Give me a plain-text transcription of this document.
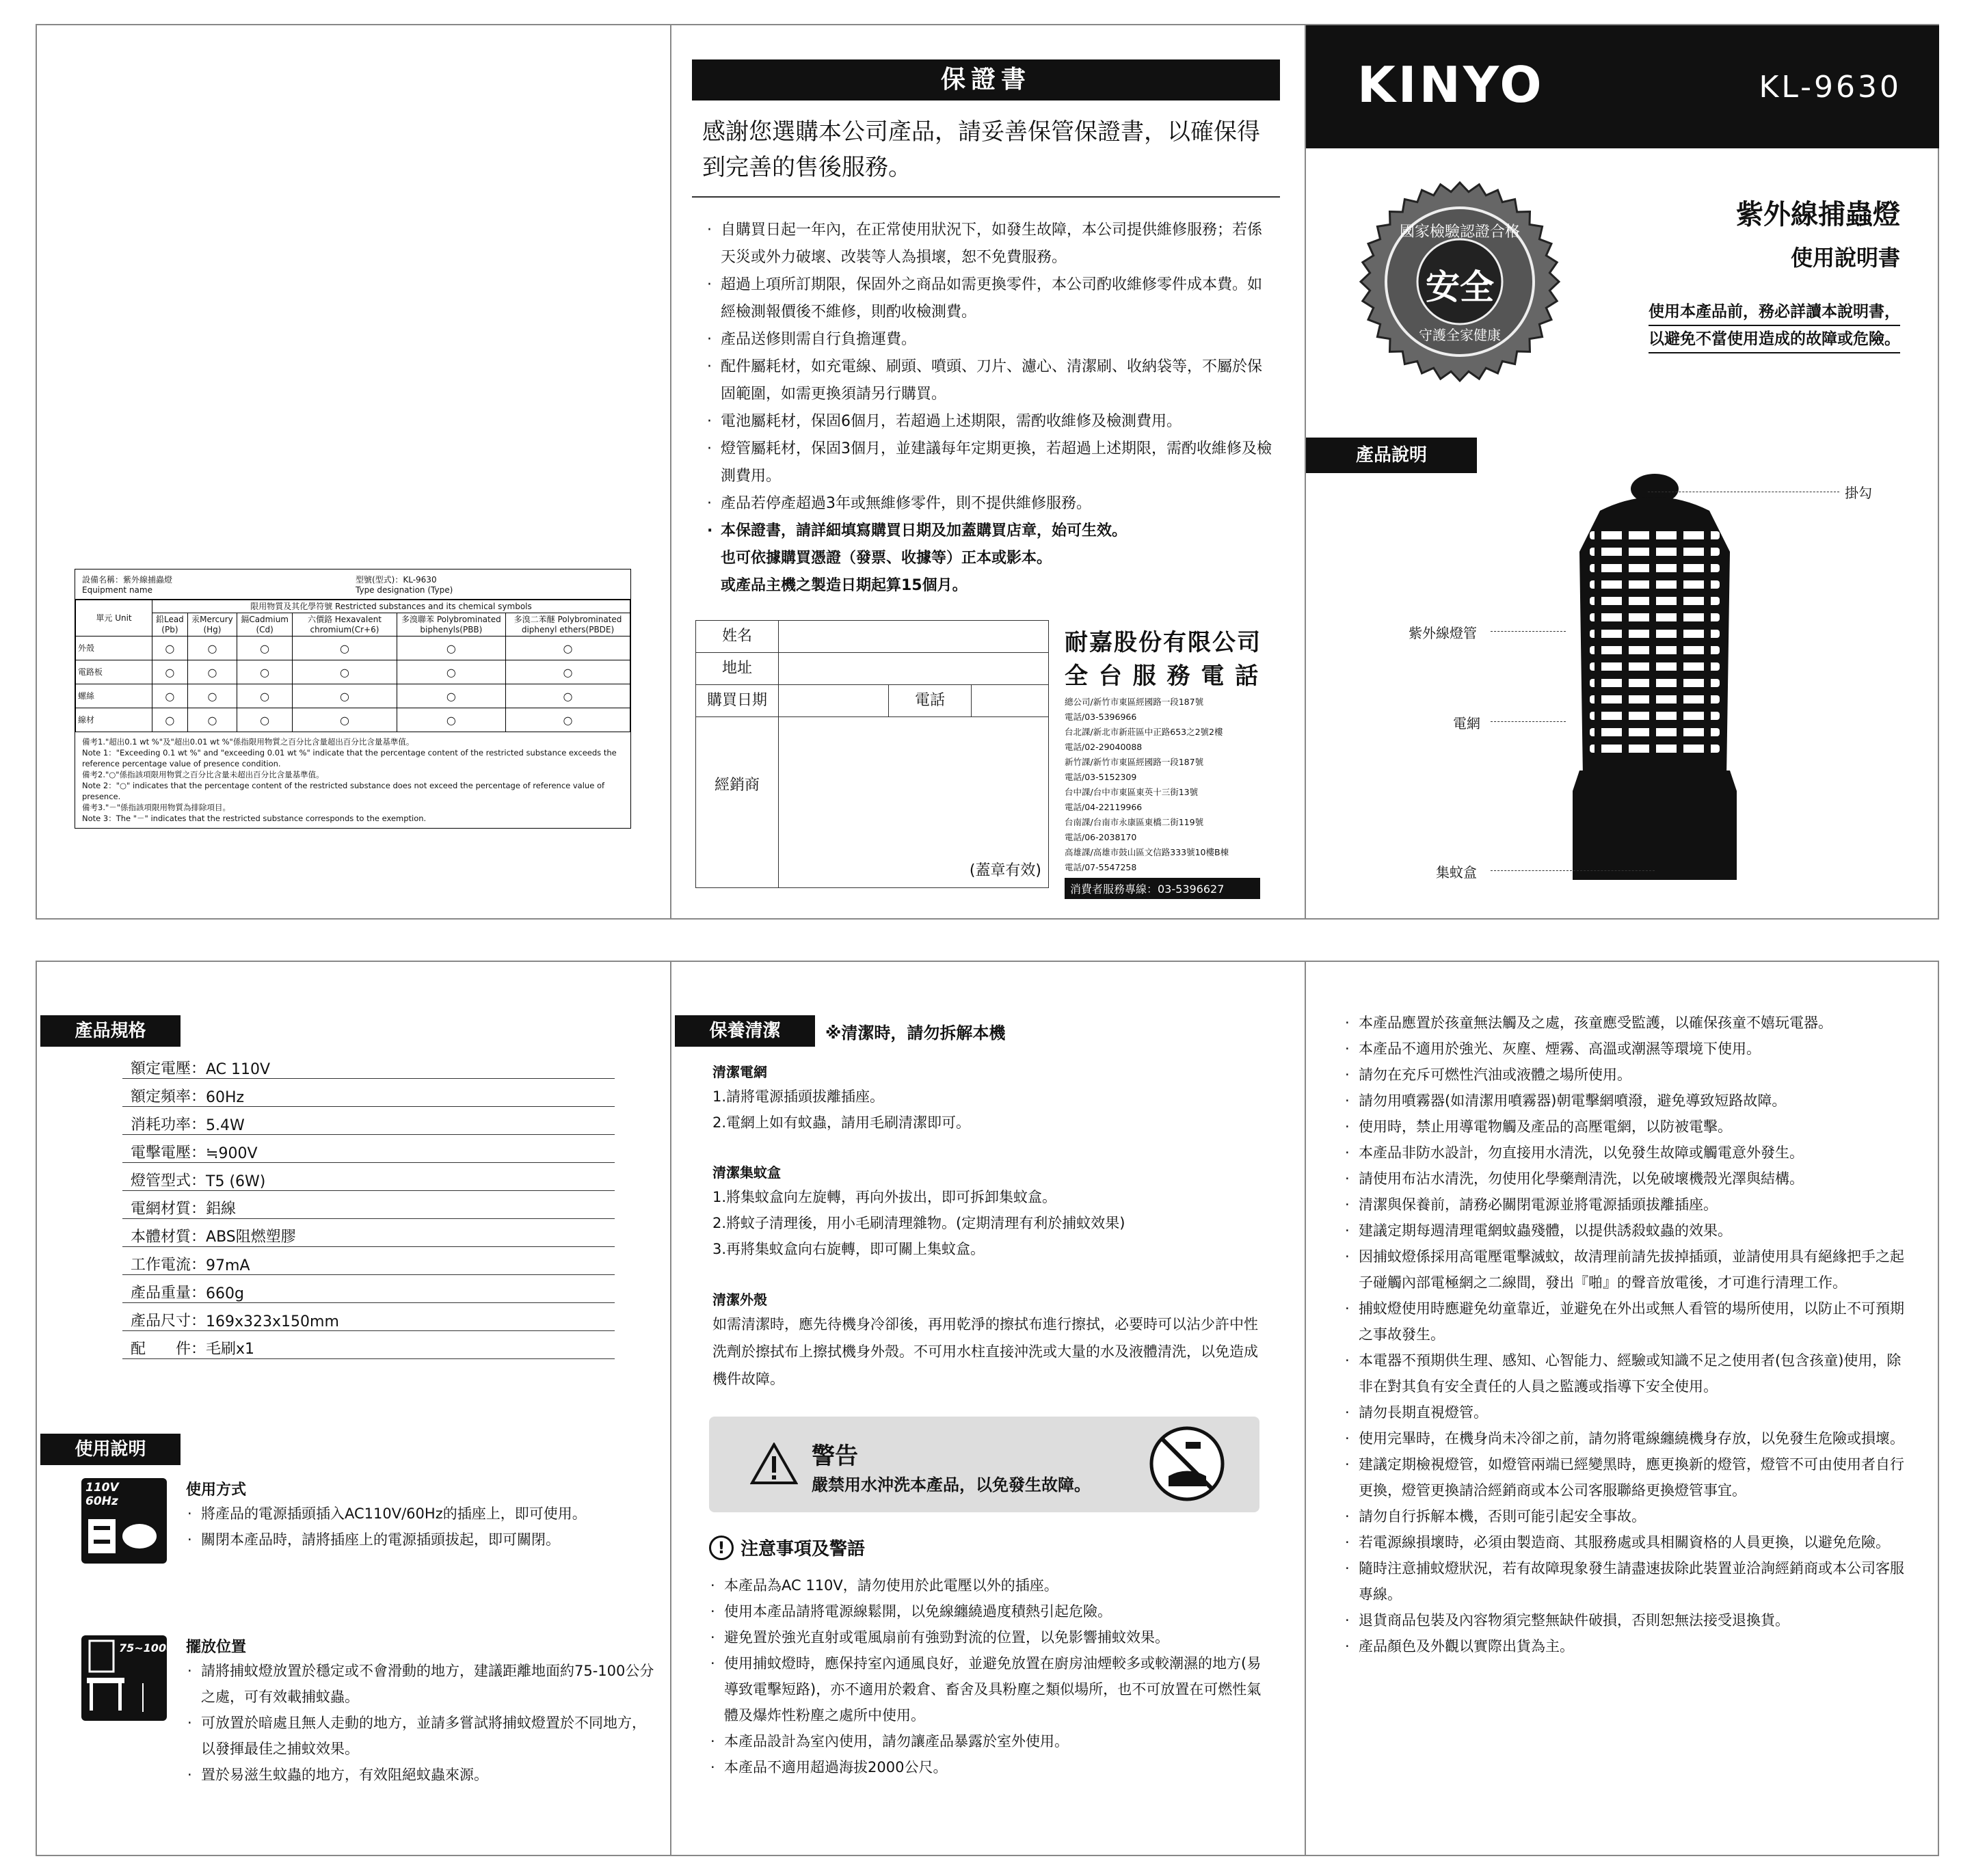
設備名稱：紫外線捕蟲燈
Equipment name
型號(型式)：KL-9630
Type designation (Type)
單元 Unit	限用物質及其化學符號 Restricted substances and its chemical symbols					
	鉛Lead (Pb)	汞Mercury (Hg)	鎘Cadmium (Cd)	六價鉻 Hexavalent chromium(Cr+6)	多溴聯苯 Polybrominated biphenyls(PBB)	多溴二苯醚 Polybrominated diphenyl ethers(PBDE)
外殼	○	○	○	○	○	○
電路板	○	○	○	○	○	○
螺絲	○	○	○	○	○	○
線材	○	○	○	○	○	○
備考1."超出0.1 wt %"及"超出0.01 wt %"係指限用物質之百分比含量超出百分比含量基準值。
Note 1："Exceeding 0.1 wt %" and "exceeding 0.01 wt %" indicate that the percentage content of the restricted substance exceeds the reference percentage value of presence condition.
備考2."○"係指該項限用物質之百分比含量未超出百分比含量基準值。
Note 2："○" indicates that the percentage content of the restricted substance does not exceed the percentage of reference value of presence.
備考3."－"係指該項限用物質為排除項目。
Note 3：The "－" indicates that the restricted substance corresponds to the exemption.
保證書
感謝您選購本公司產品，請妥善保管保證書，以確保得到完善的售後服務。
· 自購買日起一年內，在正常使用狀況下，如發生故障，本公司提供維修服務；若係天災或外力破壞、改裝等人為損壞，恕不免費服務。
· 超過上項所訂期限，保固外之商品如需更換零件，本公司酌收維修零件成本費。如經檢測報價後不維修，則酌收檢測費。
· 產品送修則需自行負擔運費。
· 配件屬耗材，如充電線、刷頭、噴頭、刀片、濾心、清潔刷、收納袋等，不屬於保固範圍，如需更換須請另行購買。
· 電池屬耗材，保固6個月，若超過上述期限，需酌收維修及檢測費用。
· 燈管屬耗材，保固3個月，並建議每年定期更換，若超過上述期限，需酌收維修及檢測費用。
· 產品若停產超過3年或無維修零件，則不提供維修服務。
· 本保證書，請詳細填寫購買日期及加蓋購買店章，始可生效。
也可依據購買憑證（發票、收據等）正本或影本。
或產品主機之製造日期起算15個月。
姓名
地址
購買日期	電話
經銷商
(蓋章有效)
耐嘉股份有限公司
全 台 服 務 電 話
總公司/新竹市東區經國路一段187號
電話/03-5396966
台北課/新北市新莊區中正路653之2號2樓
電話/02-29040088
新竹課/新竹市東區經國路一段187號
電話/03-5152309
台中課/台中市東區東英十三街13號
電話/04-22119966
台南課/台南市永康區東橋二街119號
電話/06-2038170
高雄課/高雄市鼓山區文信路333號10樓B棟
電話/07-5547258
消費者服務專線：03-5396627
KINYO	KL-9630
國家檢驗認證合格
安全
守護全家健康
紫外線捕蟲燈
使用說明書
使用本產品前，務必詳讀本說明書，
以避免不當使用造成的故障或危險。
產品說明
掛勾
紫外線燈管
電網
集蚊盒
產品規格
額定電壓 ： AC 110V
額定頻率 ： 60Hz
消耗功率 ： 5.4W
電擊電壓 ： ≒900V
燈管型式 ： T5 (6W)
電網材質 ： 鋁線
本體材質 ： ABS阻燃塑膠
工作電流 ： 97mA
產品重量 ： 660g
產品尺寸 ： 169x323x150mm
配　　件 ： 毛刷x1
使用說明
110V 60Hz
使用方式
· 將產品的電源插頭插入AC110V/60Hz的插座上，即可使用。
· 關閉本產品時，請將插座上的電源插頭拔起，即可關閉。
75~100cm 擺放位置
· 請將捕蚊燈放置於穩定或不會滑動的地方，建議距離地面約75-100公分之處，可有效載捕蚊蟲。
· 可放置於暗處且無人走動的地方，並請多嘗試將捕蚊燈置於不同地方，以發揮最佳之捕蚊效果。
· 置於易滋生蚊蟲的地方，有效阻絕蚊蟲來源。
保養清潔	※清潔時，請勿拆解本機
清潔電網
1.請將電源插頭拔離插座。
2.電網上如有蚊蟲，請用毛刷清潔即可。
清潔集蚊盒
1.將集蚊盒向左旋轉，再向外拔出，即可拆卸集蚊盒。
2.將蚊子清理後，用小毛刷清理雜物。(定期清理有利於捕蚊效果)
3.再將集蚊盒向右旋轉，即可關上集蚊盒。
清潔外殼
如需清潔時，應先待機身冷卻後，再用乾淨的擦拭布進行擦拭，必要時可以沾少許中性洗劑於擦拭布上擦拭機身外殼。不可用水柱直接沖洗或大量的水及液體清洗，以免造成機件故障。
警告
嚴禁用水沖洗本產品，以免發生故障。
! 注意事項及警語
· 本產品為AC 110V，請勿使用於此電壓以外的插座。
· 使用本產品請將電源線鬆開，以免線纏繞過度積熱引起危險。
· 避免置於強光直射或電風扇前有強勁對流的位置，以免影響捕蚊效果。
· 使用捕蚊燈時，應保持室內通風良好，並避免放置在廚房油煙較多或較潮濕的地方(易導致電擊短路)，亦不適用於穀倉、畜舍及具粉塵之類似場所，也不可放置在可燃性氣體及爆炸性粉塵之處所中使用。
· 本產品設計為室內使用，請勿讓產品暴露於室外使用。
· 本產品不適用超過海拔2000公尺。
· 本產品應置於孩童無法觸及之處，孩童應受監護，以確保孩童不嬉玩電器。
· 本產品不適用於強光、灰塵、煙霧、高溫或潮濕等環境下使用。
· 請勿在充斥可燃性汽油或液體之場所使用。
· 請勿用噴霧器(如清潔用噴霧器)朝電擊網噴潑，避免導致短路故障。
· 使用時，禁止用導電物觸及產品的高壓電網，以防被電擊。
· 本產品非防水設計，勿直接用水清洗，以免發生故障或觸電意外發生。
· 請使用布沾水清洗，勿使用化學藥劑清洗，以免破壞機殼光澤與結構。
· 清潔與保養前，請務必關閉電源並將電源插頭拔離插座。
· 建議定期每週清理電網蚊蟲殘體，以提供誘殺蚊蟲的效果。
· 因捕蚊燈係採用高電壓電擊滅蚊，故清理前請先拔掉插頭，並請使用具有絕緣把手之起子碰觸內部電極網之二線間，發出『啪』的聲音放電後，才可進行清理工作。
· 捕蚊燈使用時應避免幼童靠近，並避免在外出或無人看管的場所使用，以防止不可預期之事故發生。
· 本電器不預期供生理、感知、心智能力、經驗或知識不足之使用者(包含孩童)使用，除非在對其負有安全責任的人員之監護或指導下安全使用。
· 請勿長期直視燈管。
· 使用完畢時，在機身尚未冷卻之前，請勿將電線纏繞機身存放，以免發生危險或損壞。
· 建議定期檢視燈管，如燈管兩端已經變黑時，應更換新的燈管，燈管不可由使用者自行更換，燈管更換請洽經銷商或本公司客服聯絡更換燈管事宜。
· 請勿自行拆解本機，否則可能引起安全事故。
· 若電源線損壞時，必須由製造商、其服務處或具相關資格的人員更換，以避免危險。
· 隨時注意捕蚊燈狀況，若有故障現象發生請盡速拔除此裝置並洽詢經銷商或本公司客服專線。
· 退貨商品包裝及內容物須完整無缺件破損，否則恕無法接受退換貨。
· 產品顏色及外觀以實際出貨為主。
